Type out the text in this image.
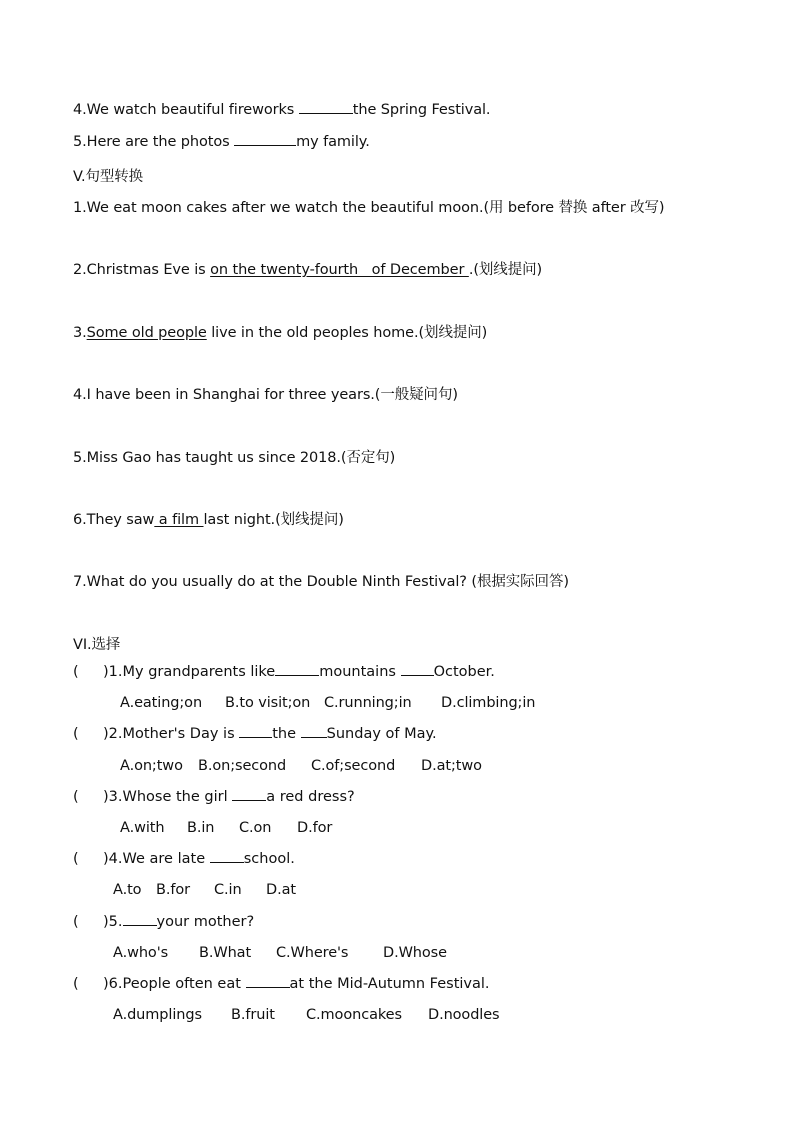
4.We watch beautiful fireworks	the Spring Festival.
5.Here are the photos	my family.
V.句型转换
1.We eat moon cakes after we watch the beautiful moon.(用 before 替换 after 改写)
2.Christmas Eve is on the twenty-fourth   of December .(划线提问)
3.Some old people live in the old peoples home.(划线提问)
4.I have been in Shanghai for three years.(一般疑问句)
5.Miss Gao has taught us since 2018.(否定句)
6.They saw a film last night.(划线提问)
7.What do you usually do at the Double Ninth Festival? (根据实际回答)
VI.选择
( )1.My grandparents like	mountains October.
A.eating;on B.to visit;on C.running;in D.climbing;in
( )2.Mother's Day is the Sunday of May.
A.on;two B.on;second C.of;second D.at;two
( )3.Whose the girl a red dress?
A.with B.in C.on D.for
( )4.We are late school.
A.to B.for C.in D.at
( )5. your mother?
A.who's B.What C.Where's D.Whose
( )6.People often eat	at the Mid-Autumn Festival.
A.dumplings B.fruit C.mooncakes D.noodles
